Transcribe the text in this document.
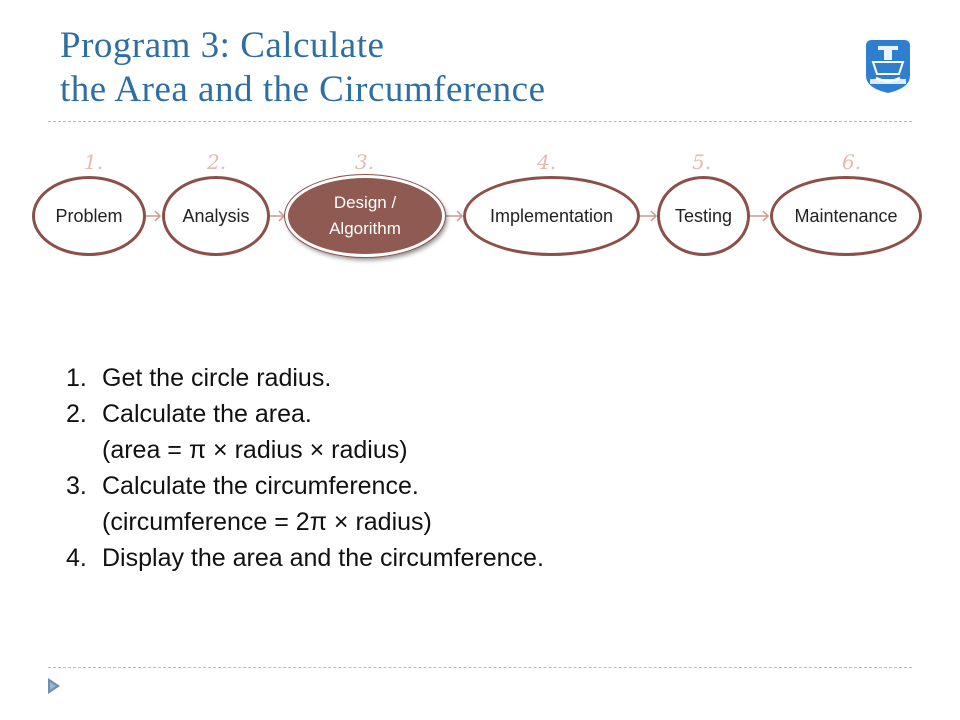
Program 3: Calculate
the Area and the Circumference
1.	2.	3.	4.	5.	6.
Problem	Analysis
Design /
Algorithm
Implementation	Testing	Maintenance
1. Get the circle radius.
2. Calculate the area.
(area = π × radius × radius)
3. Calculate the circumference.
(circumference = 2π × radius)
4. Display the area and the circumference.
